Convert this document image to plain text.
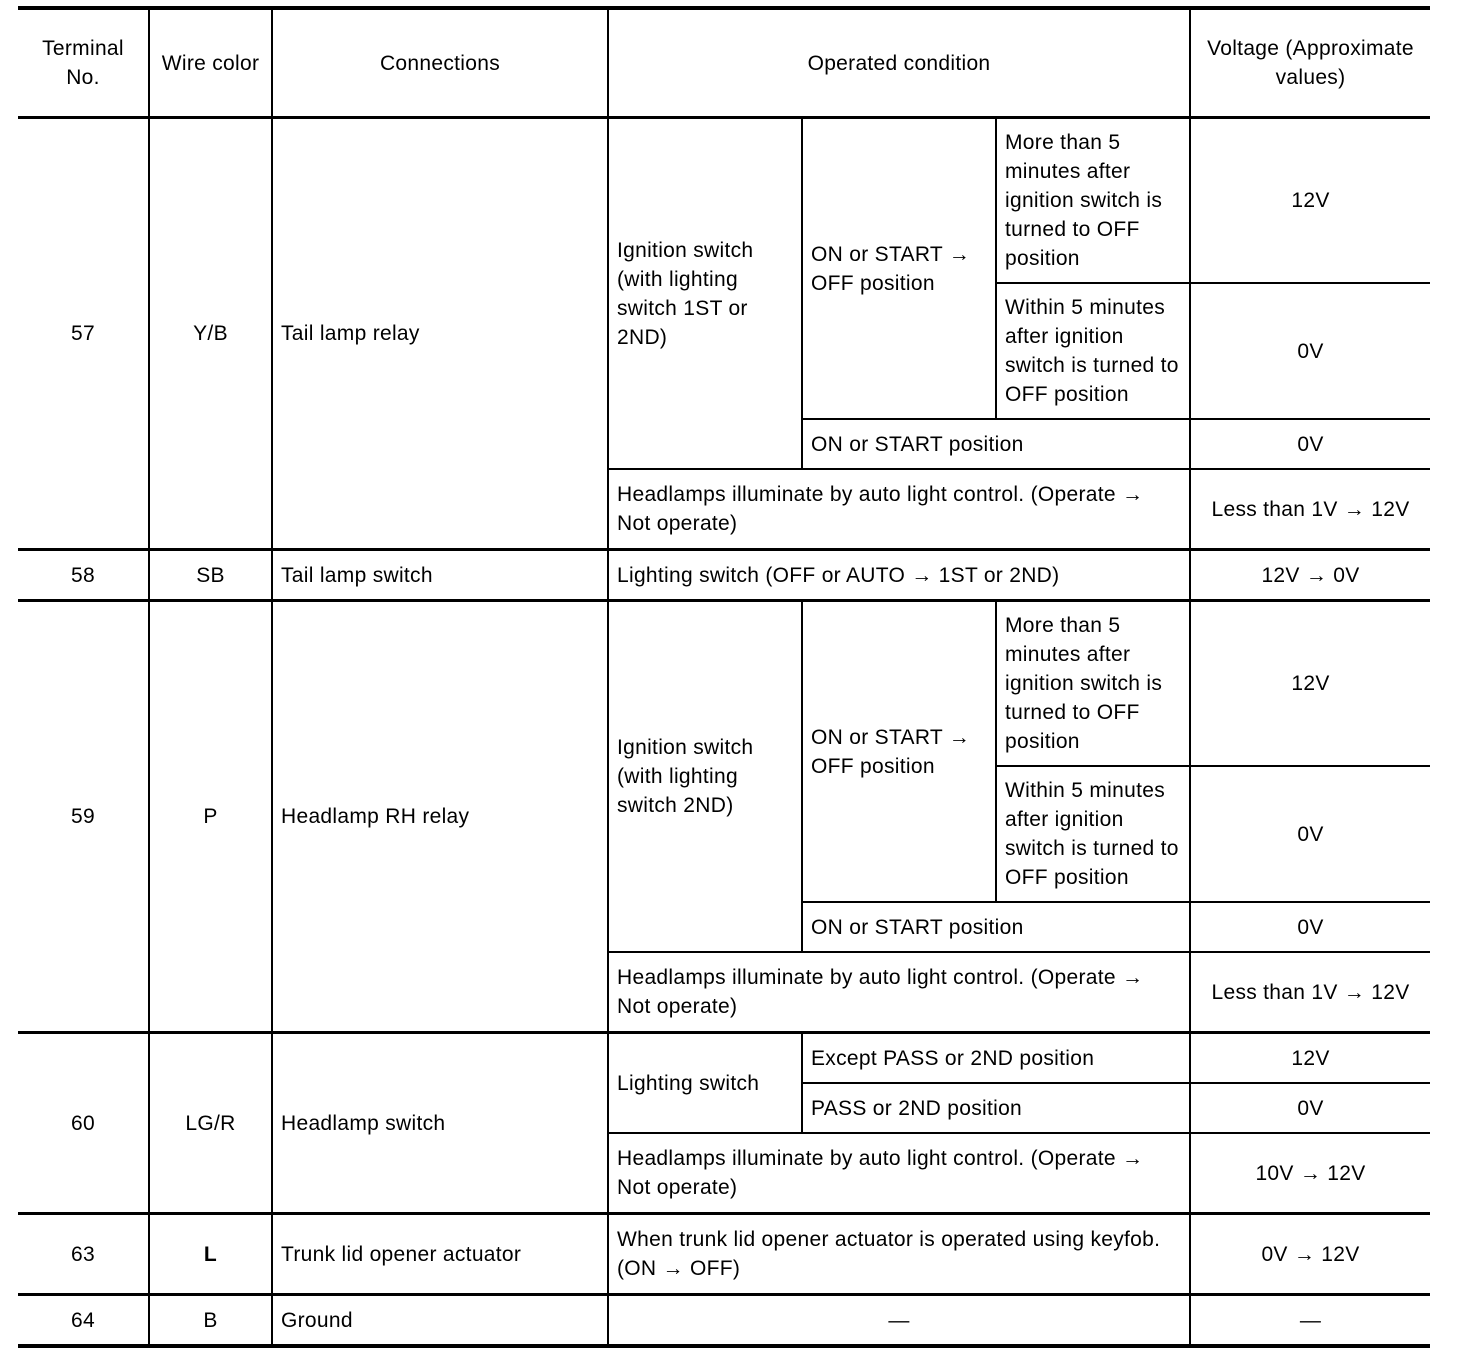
Terminal No.	Wire color	Connections	Operated condition			Voltage (Approximate values)
57	Y/B	Tail lamp relay	Ignition switch (with lighting switch 1ST or 2ND)	ON or START → OFF position	More than 5 minutes after ignition switch is turned to OFF position	12V
					Within 5 minutes after ignition switch is turned to OFF position	0V
				ON or START position		0V
			Headlamps illuminate by auto light control. (Operate → Not operate)			Less than 1V → 12V
58	SB	Tail lamp switch	Lighting switch (OFF or AUTO → 1ST or 2ND)			12V → 0V
59	P	Headlamp RH relay	Ignition switch (with lighting switch 2ND)	ON or START → OFF position	More than 5 minutes after ignition switch is turned to OFF position	12V
					Within 5 minutes after ignition switch is turned to OFF position	0V
				ON or START position		0V
			Headlamps illuminate by auto light control. (Operate → Not operate)			Less than 1V → 12V
60	LG/R	Headlamp switch	Lighting switch	Except PASS or 2ND position		12V
				PASS or 2ND position		0V
			Headlamps illuminate by auto light control. (Operate → Not operate)			10V → 12V
63	L	Trunk lid opener actuator	When trunk lid opener actuator is operated using keyfob. (ON → OFF)			0V → 12V
64	B	Ground	—			—
